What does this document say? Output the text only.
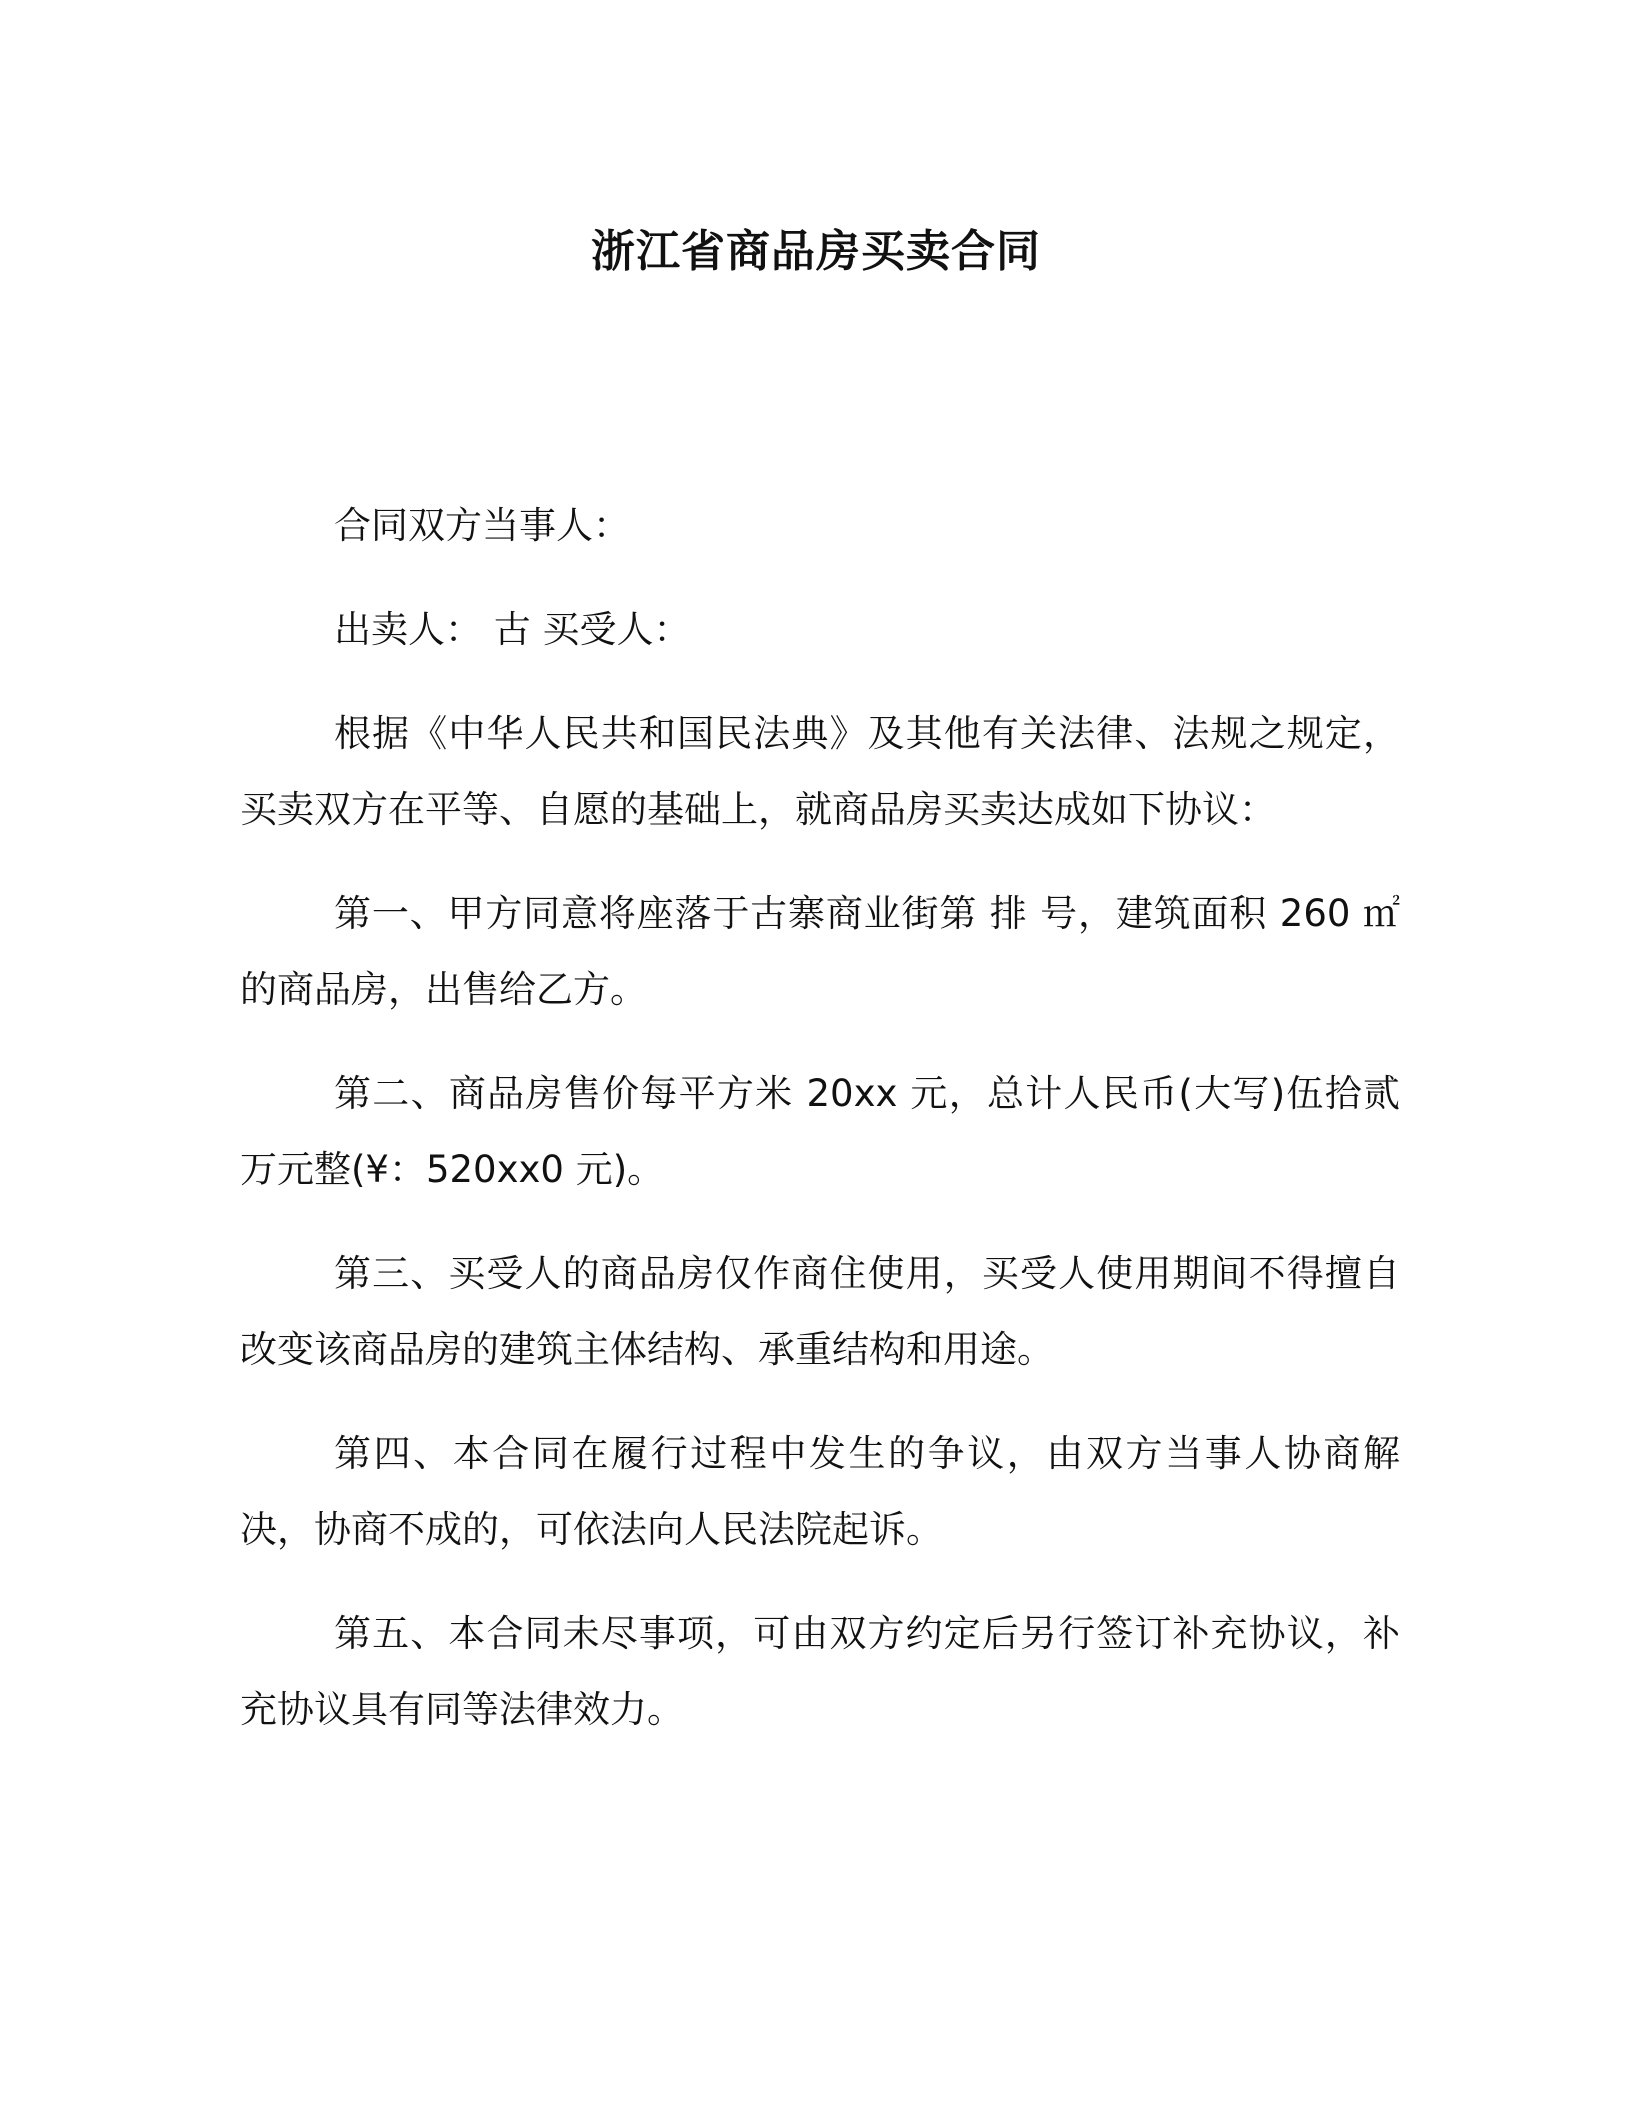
浙江省商品房买卖合同

合同双方当事人：

出卖人： 古 买受人：

根据《中华人民共和国民法典》及其他有关法律、法规之规定，买卖双方在平等、自愿的基础上，就商品房买卖达成如下协议：

第一、甲方同意将座落于古寨商业街第 排 号，建筑面积 260 ㎡的商品房，出售给乙方。

第二、商品房售价每平方米 20xx 元，总计人民币(大写)伍拾贰万元整(¥：520xx0 元)。

第三、买受人的商品房仅作商住使用，买受人使用期间不得擅自改变该商品房的建筑主体结构、承重结构和用途。

第四、本合同在履行过程中发生的争议，由双方当事人协商解决，协商不成的，可依法向人民法院起诉。

第五、本合同未尽事项，可由双方约定后另行签订补充协议，补充协议具有同等法律效力。
